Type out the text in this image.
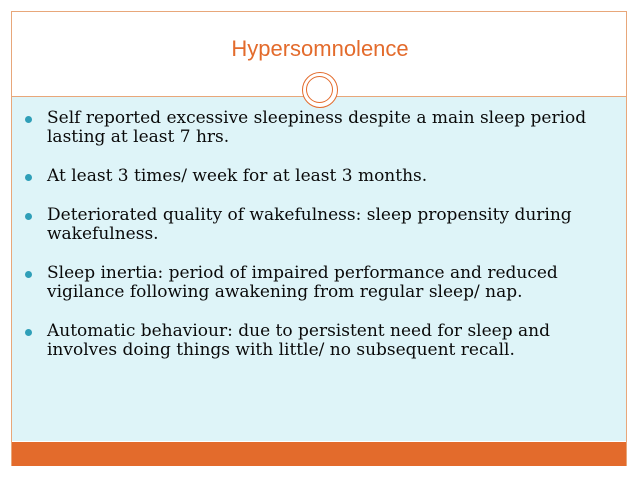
Hypersomnolence
Self reported excessive sleepiness despite a main sleep period lasting at least 7 hrs.
At least 3 times/ week for at least 3 months.
Deteriorated quality of wakefulness: sleep propensity during wakefulness.
Sleep inertia: period of impaired performance and reduced vigilance following awakening from regular sleep/ nap.
Automatic behaviour: due to persistent need for sleep and involves doing things with little/ no subsequent recall.
